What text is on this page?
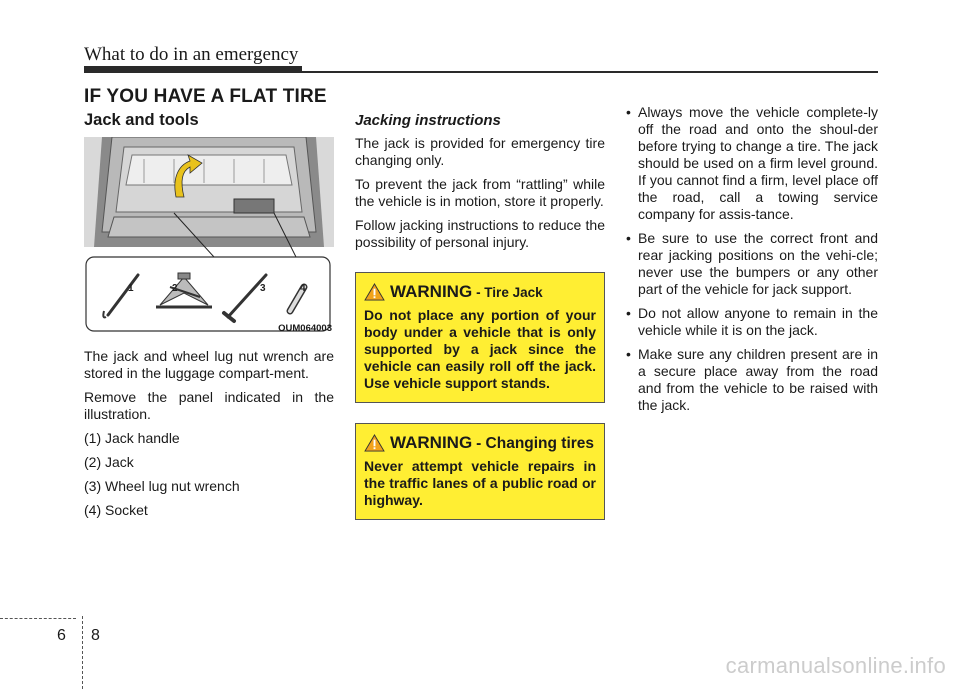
What to do in an emergency
IF YOU HAVE A FLAT TIRE
Jack and tools
1	2	3	4
OUM064003

The jack and wheel lug nut wrench are stored in the luggage compart-ment.

Remove the panel indicated in the illustration.

(1) Jack handle

(2) Jack

(3) Wheel lug nut wrench

(4) Socket

Jacking instructions

The jack is provided for emergency tire changing only.

To prevent the jack from “rattling” while the vehicle is in motion, store it properly.

Follow jacking instructions to reduce the possibility of personal injury.

WARNING - Tire Jack

Do not place any portion of your body under a vehicle that is only supported by a jack since the vehicle can easily roll off the jack. Use vehicle support stands.

WARNING - Changing tires

Never attempt vehicle repairs in the traffic lanes of a public road or highway.

• Always move the vehicle complete-ly off the road and onto the shoul-der before trying to change a tire. The jack should be used on a firm level ground. If you cannot find a firm, level place off the road, call a towing service company for assis-tance.
• Be sure to use the correct front and rear jacking positions on the vehi-cle; never use the bumpers or any other part of the vehicle for jack support.
• Do not allow anyone to remain in the vehicle while it is on the jack.
• Make sure any children present are in a secure place away from the road and from the vehicle to be raised with the jack.
6 8
carmanualsonline.info
